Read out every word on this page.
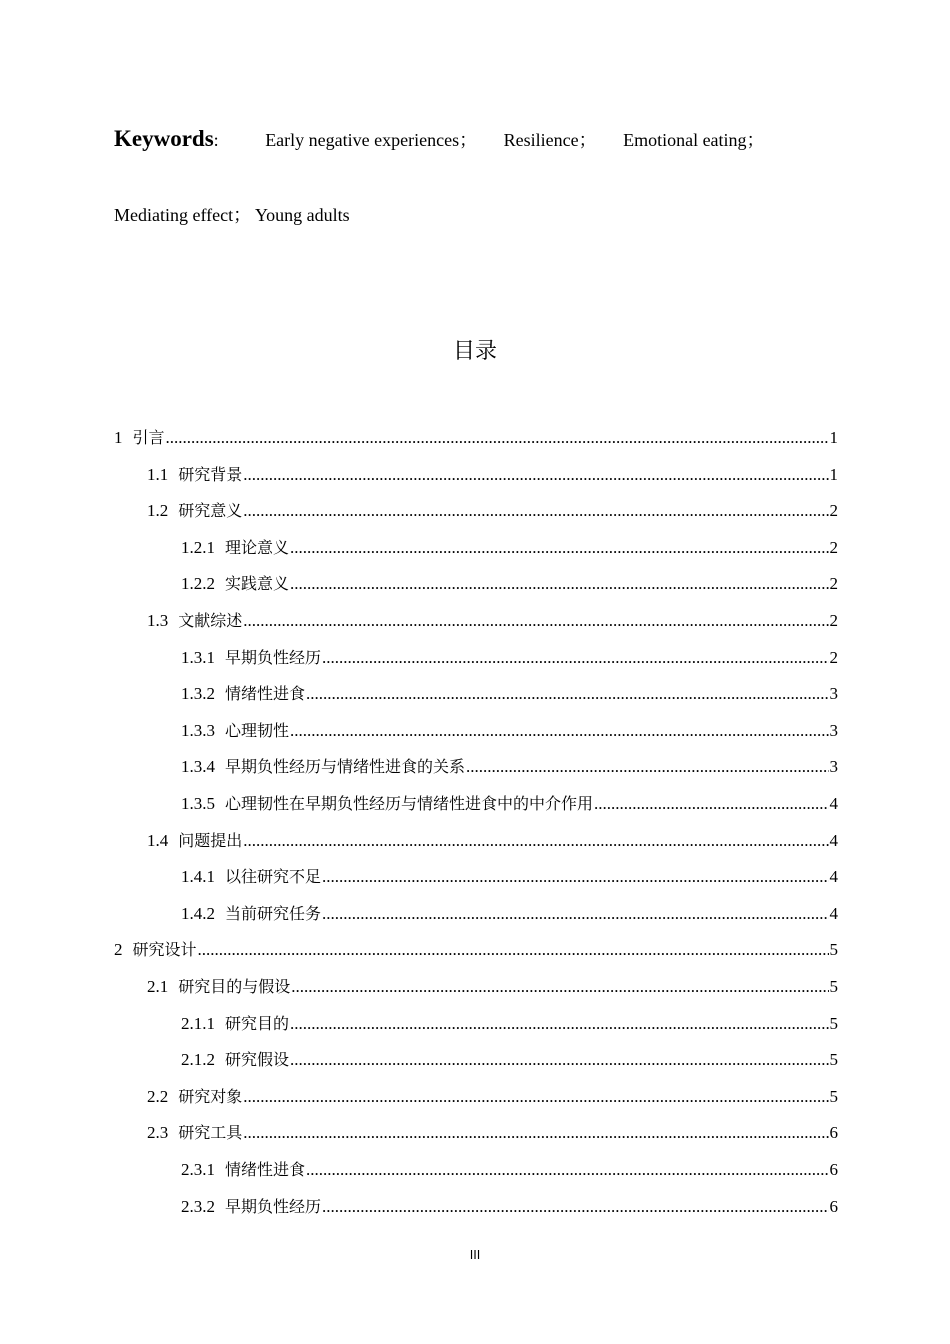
Keywords:	Early negative experiences； Resilience； Emotional eating；
Mediating effect； Young adults
目录
1 引言 .....	1
1.1 研究背景 .....	1
1.2 研究意义 .....	2
1.2.1 理论意义 .....	2
1.2.2 实践意义 .....	2
1.3 文献综述 .....	2
1.3.1 早期负性经历 .....	2
1.3.2 情绪性进食 .....	3
1.3.3 心理韧性 .....	3
1.3.4 早期负性经历与情绪性进食的关系 .....	3
1.3.5 心理韧性在早期负性经历与情绪性进食中的中介作用 .....	4
1.4 问题提出 .....	4
1.4.1 以往研究不足 .....	4
1.4.2 当前研究任务 .....	4
2 研究设计 .....	5
2.1 研究目的与假设 .....	5
2.1.1 研究目的 .....	5
2.1.2 研究假设 .....	5
2.2 研究对象 .....	5
2.3 研究工具 .....	6
2.3.1 情绪性进食 .....	6
2.3.2 早期负性经历 .....	6
III
